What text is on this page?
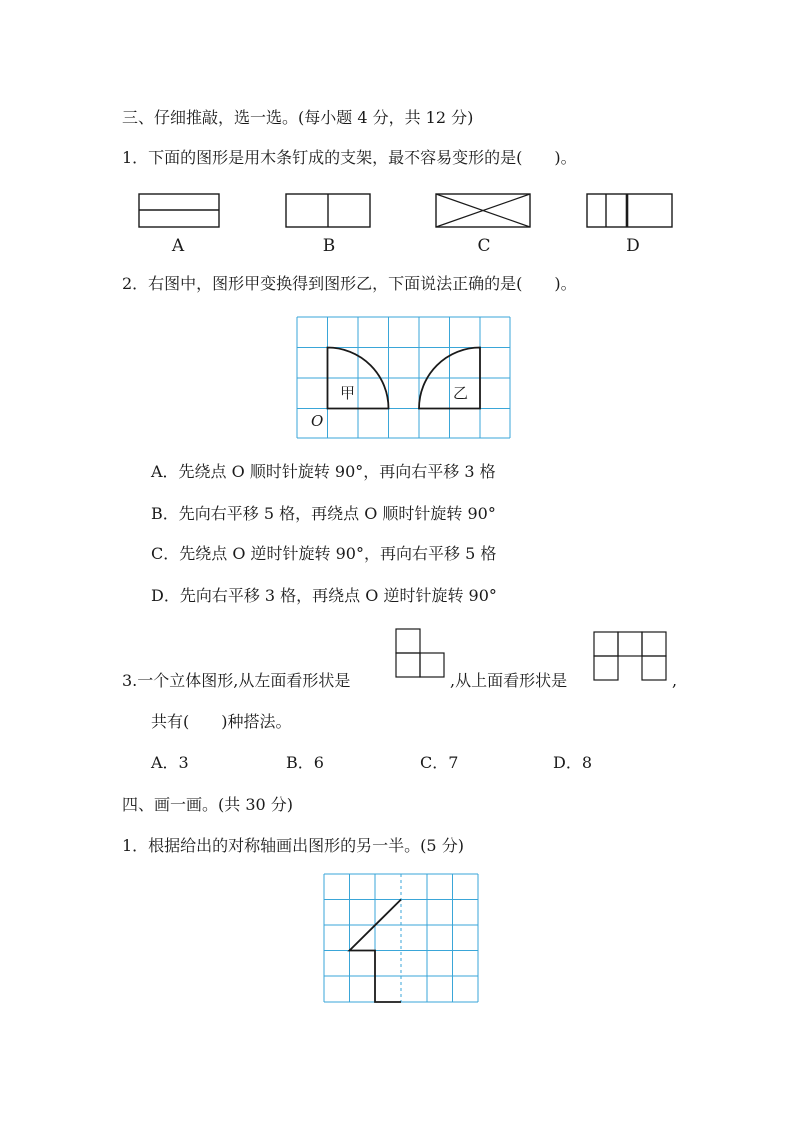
三、仔细推敲，选一选。(每小题 4 分，共 12 分)
1．下面的图形是用木条钉成的支架，最不容易变形的是(　　)。
A	B	C	D
2．右图中，图形甲变换得到图形乙，下面说法正确的是(　　)。
甲	乙
O
A．先绕点 O 顺时针旋转 90°，再向右平移 3 格
B．先向右平移 5 格，再绕点 O 顺时针旋转 90°
C．先绕点 O 逆时针旋转 90°，再向右平移 5 格
D．先向右平移 3 格，再绕点 O 逆时针旋转 90°
3.一个立体图形,从左面看形状是	,从上面看形状是	,
共有(　　)种搭法。
A．3	B．6	C．7	D．8
四、画一画。(共 30 分)
1．根据给出的对称轴画出图形的另一半。(5 分)
